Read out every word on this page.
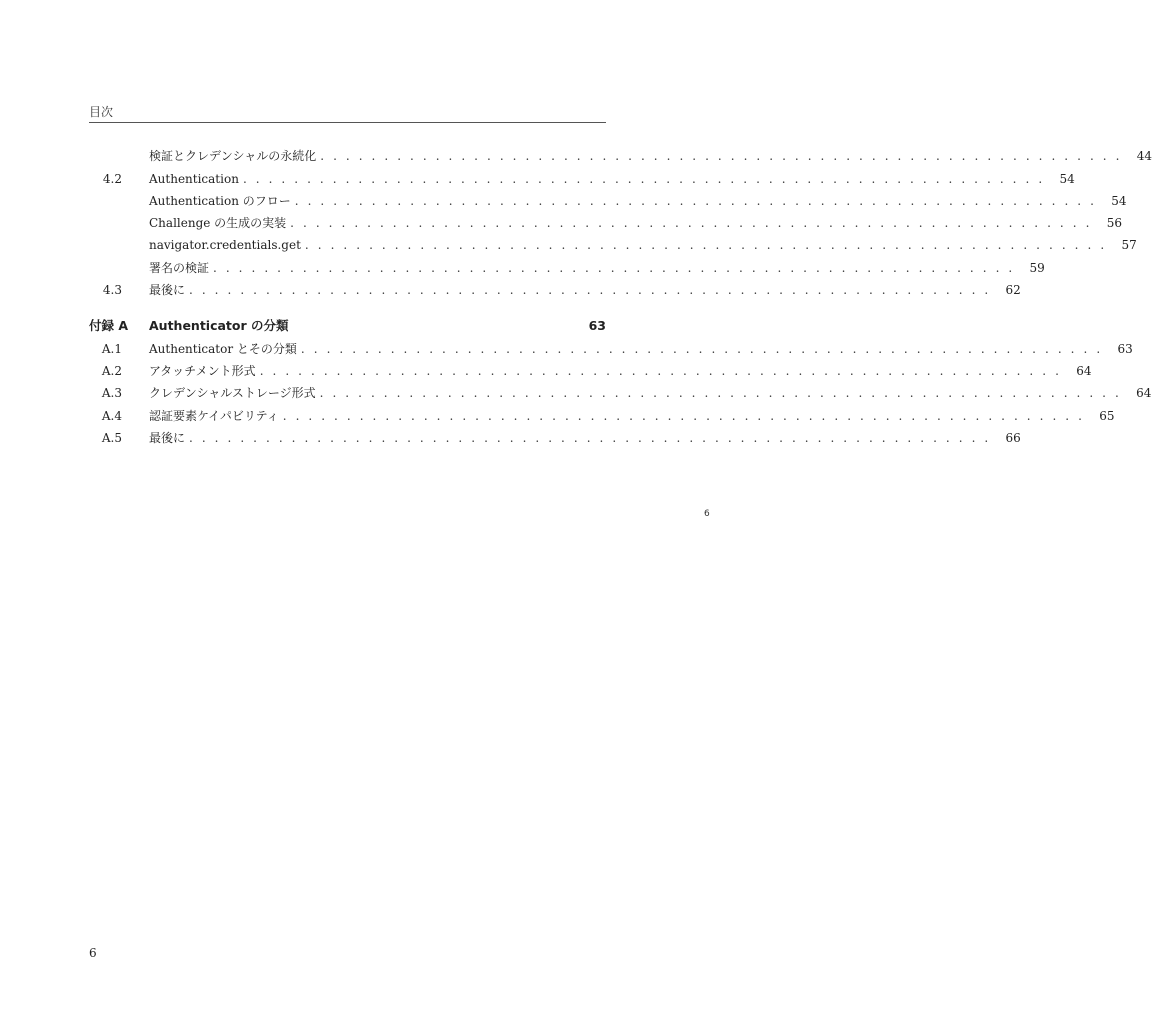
目次
検証とクレデンシャルの永続化 . . . . . . . . . . . . . . . . . . . . . . . . . . . . . . . . . . . . . . . . . . . . . . . . . . . . . . . . . . . . . . .	44
4.2 Authentication . . . . . . . . . . . . . . . . . . . . . . . . . . . . . . . . . . . . . . . . . . . . . . . . . . . . . . . . . . . . . . .	54
Authentication のフロー . . . . . . . . . . . . . . . . . . . . . . . . . . . . . . . . . . . . . . . . . . . . . . . . . . . . . . . . . . . . . . .	54
Challenge の生成の実装 . . . . . . . . . . . . . . . . . . . . . . . . . . . . . . . . . . . . . . . . . . . . . . . . . . . . . . . . . . . . . . .	56
navigator.credentials.get . . . . . . . . . . . . . . . . . . . . . . . . . . . . . . . . . . . . . . . . . . . . . . . . . . . . . . . . . . . . . . .	57
署名の検証 . . . . . . . . . . . . . . . . . . . . . . . . . . . . . . . . . . . . . . . . . . . . . . . . . . . . . . . . . . . . . . .	59
4.3 最後に . . . . . . . . . . . . . . . . . . . . . . . . . . . . . . . . . . . . . . . . . . . . . . . . . . . . . . . . . . . . . . .	62
付録 A	Authenticator の分類	63
A.1 Authenticator とその分類 . . . . . . . . . . . . . . . . . . . . . . . . . . . . . . . . . . . . . . . . . . . . . . . . . . . . . . . . . . . . . . .	63
A.2 アタッチメント形式 . . . . . . . . . . . . . . . . . . . . . . . . . . . . . . . . . . . . . . . . . . . . . . . . . . . . . . . . . . . . . . .	64
A.3 クレデンシャルストレージ形式 . . . . . . . . . . . . . . . . . . . . . . . . . . . . . . . . . . . . . . . . . . . . . . . . . . . . . . . . . . . . . . .	64
A.4 認証要素ケイパビリティ . . . . . . . . . . . . . . . . . . . . . . . . . . . . . . . . . . . . . . . . . . . . . . . . . . . . . . . . . . . . . . .	65
A.5 最後に . . . . . . . . . . . . . . . . . . . . . . . . . . . . . . . . . . . . . . . . . . . . . . . . . . . . . . . . . . . . . . .	66
6
6
